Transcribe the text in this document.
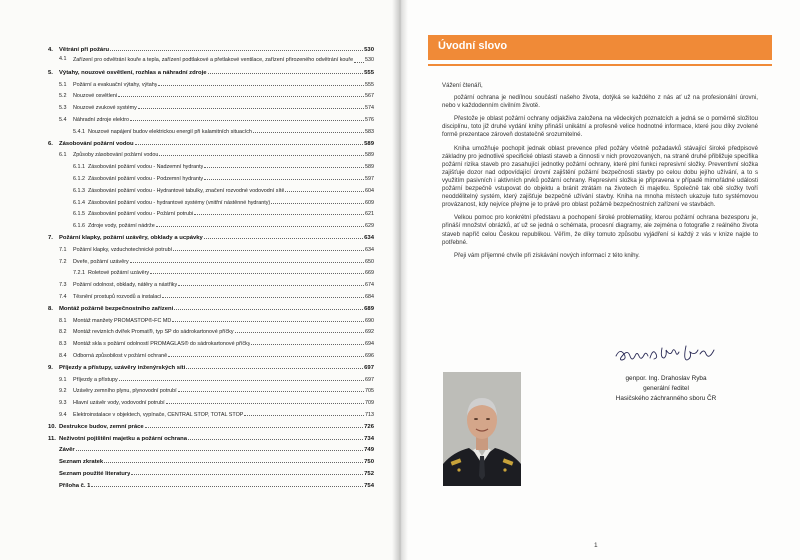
4.	Větrání při požáru	530
4.1	Zařízení pro odvětrání kouře a tepla, zařízení podtlakové a přetlakové ventilace, zařízení přirozeného odvětrání kouře 530
5.	Výtahy, nouzové osvětlení, rozhlas a náhradní zdroje	555
5.1	Požární a evakuační výtahy, výtahy	555
5.2	Nouzové osvětlení	567
5.3	Nouzové zvukové systémy	574
5.4	Náhradní zdroje elektro	576
5.4.1 Nouzové napájení budov elektrickou energií při kalamitních situacích	583
6.	Zásobování požární vodou	589
6.1	Způsoby zásobování požární vodou	589
6.1.1 Zásobování požární vodou - Nadzemní hydranty	589
6.1.2 Zásobování požární vodou - Podzemní hydranty	597
6.1.3 Zásobování požární vodou - Hydrantové tabulky, značení rozvodné vodovodní sítě	604
6.1.4 Zásobování požární vodou - hydrantové systémy (vnitřní nástěnné hydranty)	609
6.1.5 Zásobování požární vodou - Požární potrubí	621
6.1.6 Zdroje vody, požární nádrže	629
7.	Požární klapky, požární uzávěry, obklady a ucpávky	634
7.1	Požární klapky, vzduchotechnické potrubí	634
7.2	Dveře, požární uzávěry	650
7.2.1 Roletové požární uzávěry	669
7.3	Požární odolnost, obklady, nátěry a nástřiky	674
7.4	Těsnění prostupů rozvodů a instalací	684
8.	Montáž požárně bezpečnostního zařízení	689
8.1	Montáž manžety PROMASTOP®-FC MD	690
8.2	Montáž revizních dvířek Promat®, typ SP do sádrokartonové příčky	692
8.3	Montáž skla s požární odolností PROMAGLAS® do sádrokartonové příčky	694
8.4	Odborná způsobilost v požární ochraně	696
9.	Příjezdy a přístupy, uzávěry inženýrských sítí	697
9.1	Příjezdy a přístupy	697
9.2	Uzávěry zemního plynu, plynovodní potrubí	705
9.3	Hlavní uzávěr vody, vodovodní potrubí	709
9.4	Elektroinstalace v objektech, vypínače, CENTRAL STOP, TOTAL STOP	713
10. Destrukce budov, zemní práce	726
11. Neživotní pojištění majetku a požární ochrana	734
Závěr	749
Seznam zkratek	750
Seznam použité literatury	752
Příloha č. 1	754
Úvodní slovo

Vážení čtenáři,

požární ochrana je nedílnou součástí našeho života, dotýká se každého z nás ať už na profesionální úrovni, nebo v každodenním civilním životě.

Přestože je oblast požární ochrany odjakživa založena na vědeckých poznatcích a jedná se o poměrně složitou disciplínu, toto již druhé vydání knihy přináší unikátní a profesně velice hodnotné informace, které jsou díky zvolené formě prezentace zároveň dostatečně srozumitelné.

Kniha umožňuje pochopit jednak oblast prevence před požáry včetně požadavků stávající široké předpisové základny pro jednotlivé specifické oblasti staveb a činnosti v nich provozovaných, na straně druhé přibližuje specifika požární rizika staveb pro zasahující jednotky požární ochrany, které plní funkci represivní složky. Preventivní složka zajišťuje dozor nad odpovídající úrovní zajištění požární bezpečnosti stavby po celou dobu jejího užívání, a to s využitím pasivních i aktivních prvků požární ochrany. Represivní složka je připravena v případě mimořádné události požární bezpečně vstupovat do objektu a bránit ztrátám na životech či majetku. Společně tak obě složky tvoří neoddělitelný systém, který zajišťuje bezpečné užívání stavby. Kniha na mnoha místech ukazuje tuto systémovou provázanost, kdy nejvíce přejme je to právě pro oblast požárně bezpečnostních zařízení ve stavbách.

Velkou pomoc pro konkrétní představu a pochopení široké problematiky, kterou požární ochrana bezesporu je, přináší množství obrázků, ať už se jedná o schémata, procesní diagramy, ale zejména o fotografie z reálného života staveb napříč celou Českou republikou. Věřím, že díky tomuto způsobu vyjádření si každý z vás v knize najde to potřebné.

Přeji vám příjemné chvíle při získávání nových informací z této knihy.

genpor. Ing. Drahoslav Ryba
generální ředitel
Hasičského záchranného sboru ČR
1
